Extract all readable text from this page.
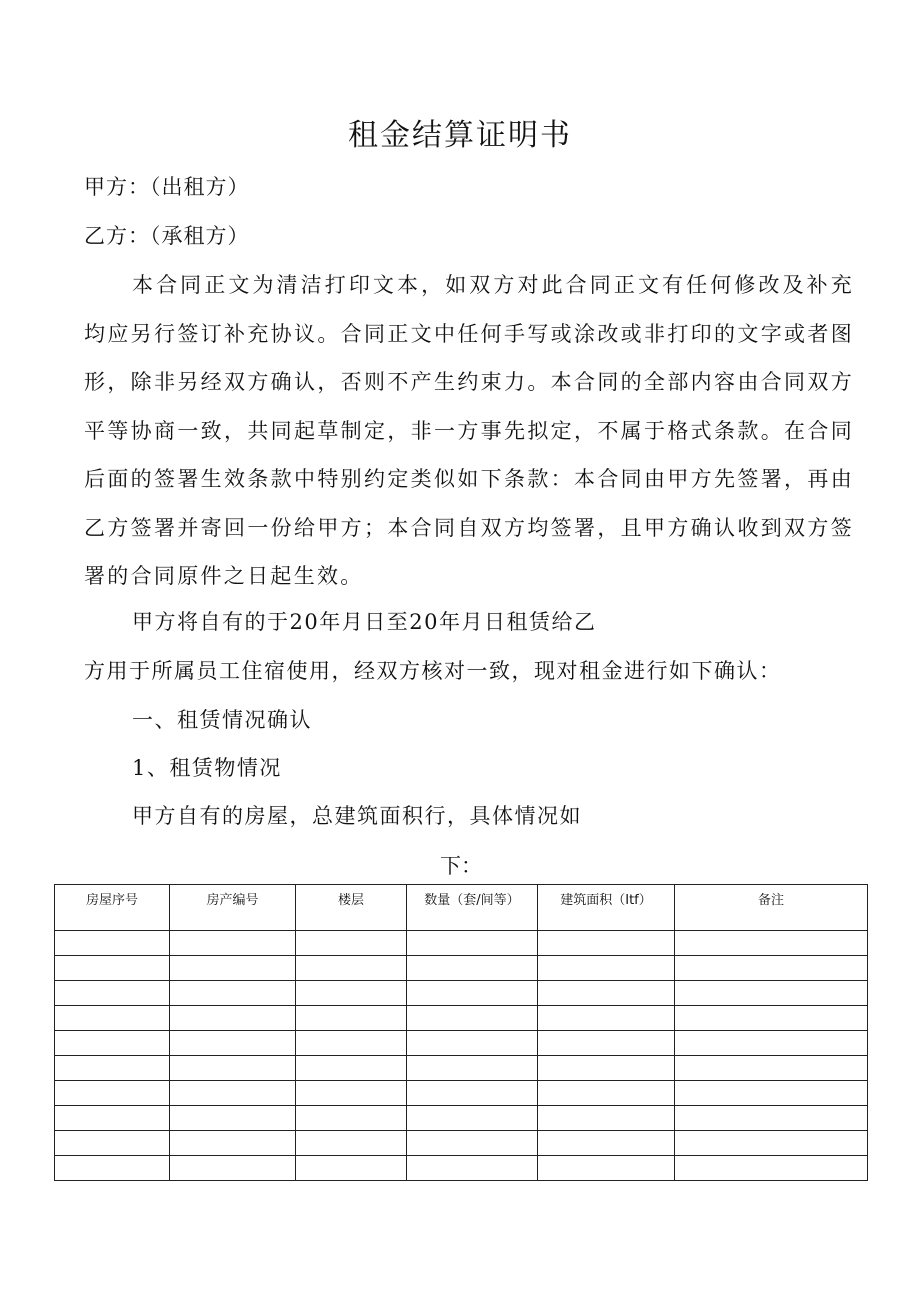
租金结算证明书
甲方：（出租方）
乙方：（承租方）
本合同正文为清洁打印文本，如双方对此合同正文有任何修改及补充均应另行签订补充协议。合同正文中任何手写或涂改或非打印的文字或者图形，除非另经双方确认，否则不产生约束力。本合同的全部内容由合同双方平等协商一致，共同起草制定，非一方事先拟定，不属于格式条款。在合同后面的签署生效条款中特别约定类似如下条款：本合同由甲方先签署，再由乙方签署并寄回一份给甲方；本合同自双方均签署，且甲方确认收到双方签署的合同原件之日起生效。
甲方将自有的于20年月日至20年月日租赁给乙
方用于所属员工住宿使用，经双方核对一致，现对租金进行如下确认：
一、租赁情况确认
1、租赁物情况
甲方自有的房屋，总建筑面积行，具体情况如
下：
房屋序号	房产编号	楼层	数量（套/间等）	建筑面积（Itf）	备注
